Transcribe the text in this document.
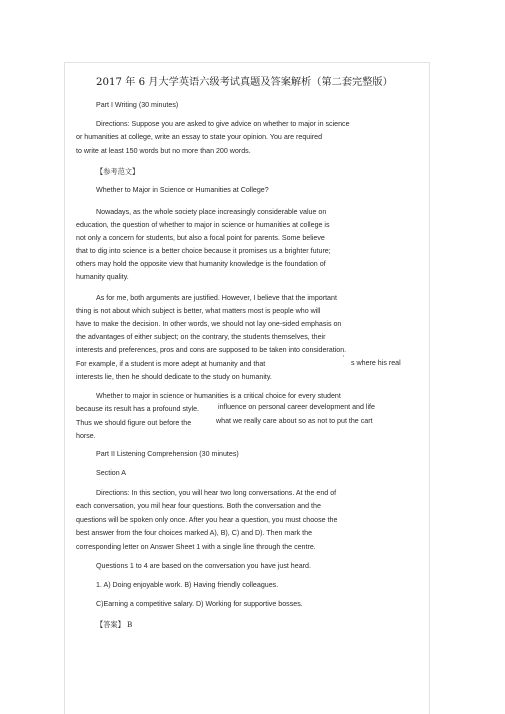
2017 年 6 月大学英语六级考试真题及答案解析（第二套完整版）
Part I Writing (30 minutes)
Directions: Suppose you are asked to give advice on whether to major in science
or humanities at college, write an essay to state your opinion. You are required
to write at least 150 words but no more than 200 words.
【参考范文】
Whether to Major in Science or Humanities at College?
Nowadays, as the whole society place increasingly considerable value on
education, the question of whether to major in science or humanities at college is
not only a concern for students, but also a focal point for parents. Some believe
that to dig into science is a better choice because it promises us a brighter future;
others may hold the opposite view that humanity knowledge is the foundation of
humanity quality.
As for me, both arguments are justified. However, I believe that the important
thing is not about which subject is better, what matters most is people who will
have to make the decision. In other words, we should not lay one-sided emphasis on
the advantages of either subject; on the contrary, the students themselves, their
interests and preferences, pros and cons are supposed to be taken into consideration.
For example, if a student is more adept at humanity and that
’ s where his real
interests lie, then he should dedicate to the study on humanity.
Whether to major in science or humanities is a critical choice for every student
because its result has a profound style.	influence on personal career development and life
Thus we should figure out before the	what we really care about so as not to put the cart
horse.
Part II Listening Comprehension (30 minutes)
Section A
Directions: In this section, you will hear two long conversations. At the end of
each conversation, you mil hear four questions. Both the conversation and the
questions will be spoken only once. After you hear a question, you must choose the
best answer from the four choices marked A), B), C) and D). Then mark the
corresponding letter on Answer Sheet 1 with a single line through the centre.
Questions 1 to 4 are based on the conversation you have just heard.
1. A) Doing enjoyable work. B) Having friendly colleagues.
C)Earning a competitive salary. D) Working for supportive bosses.
【答案】 B
